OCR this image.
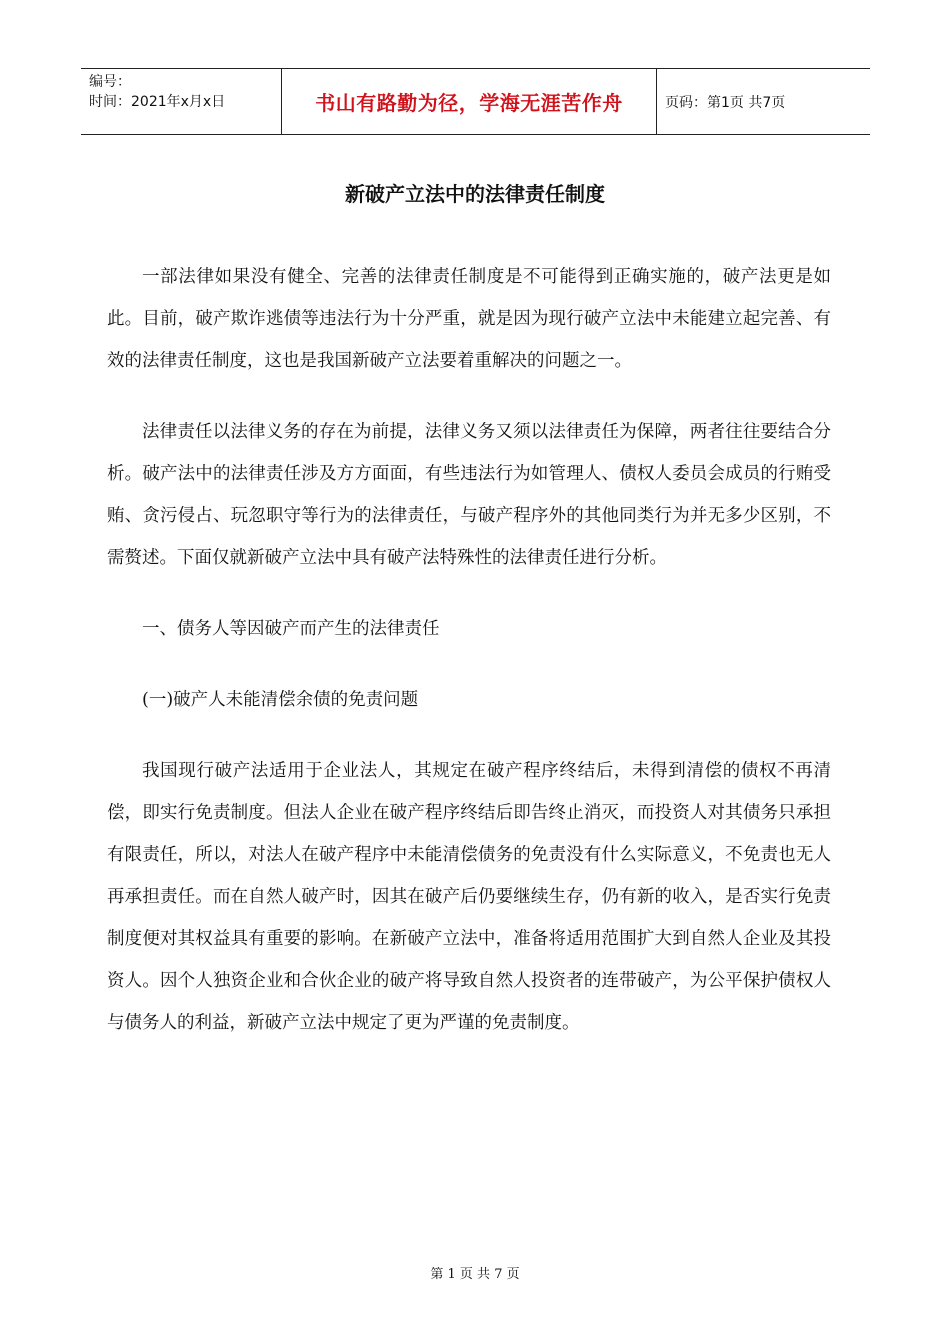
编号：
时间：2021年x月x日	书山有路勤为径，学海无涯苦作舟	页码：第1页 共7页
新破产立法中的法律责任制度

一部法律如果没有健全、完善的法律责任制度是不可能得到正确实施的，破产法更是如此。目前，破产欺诈逃债等违法行为十分严重，就是因为现行破产立法中未能建立起完善、有效的法律责任制度，这也是我国新破产立法要着重解决的问题之一。

法律责任以法律义务的存在为前提，法律义务又须以法律责任为保障，两者往往要结合分析。破产法中的法律责任涉及方方面面，有些违法行为如管理人、债权人委员会成员的行贿受贿、贪污侵占、玩忽职守等行为的法律责任，与破产程序外的其他同类行为并无多少区别，不需赘述。下面仅就新破产立法中具有破产法特殊性的法律责任进行分析。

一、债务人等因破产而产生的法律责任

(一)破产人未能清偿余债的免责问题

我国现行破产法适用于企业法人，其规定在破产程序终结后，未得到清偿的债权不再清偿，即实行免责制度。但法人企业在破产程序终结后即告终止消灭，而投资人对其债务只承担有限责任，所以，对法人在破产程序中未能清偿债务的免责没有什么实际意义，不免责也无人再承担责任。而在自然人破产时，因其在破产后仍要继续生存，仍有新的收入，是否实行免责制度便对其权益具有重要的影响。在新破产立法中，准备将适用范围扩大到自然人企业及其投资人。因个人独资企业和合伙企业的破产将导致自然人投资者的连带破产，为公平保护债权人与债务人的利益，新破产立法中规定了更为严谨的免责制度。

第 1 页 共 7 页
